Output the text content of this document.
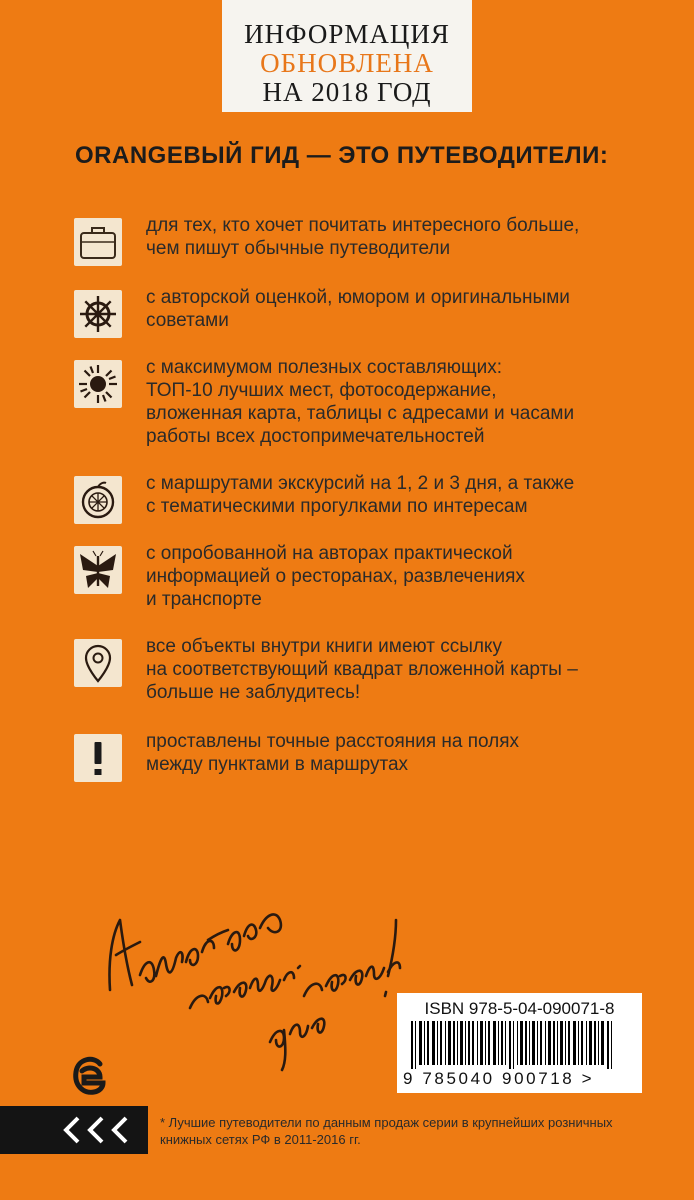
ИНФОРМАЦИЯ
ОБНОВЛЕНА
НА 2018 ГОД
ORANGEВЫЙ ГИД — ЭТО ПУТЕВОДИТЕЛИ:
для тех, кто хочет почитать интересного больше,
чем пишут обычные путеводители
с авторской оценкой, юмором и оригинальными
советами
с максимумом полезных составляющих:
ТОП-10 лучших мест, фотосодержание,
вложенная карта, таблицы с адресами и часами
работы всех достопримечательностей
с маршрутами экскурсий на 1, 2 и 3 дня, а также
с тематическими прогулками по интересам
с опробованной на авторах практической
информацией о ресторанах, развлечениях
и транспорте
все объекты внутри книги имеют ссылку
на соответствующий квадрат вложенной карты –
больше не заблудитесь!
проставлены точные расстояния на полях
между пунктами в маршрутах
ISBN 978-5-04-090071-8
9 785040 900718 >
* Лучшие путеводители по данным продаж серии в крупнейших розничных книжных сетях РФ в 2011-2016 гг.
